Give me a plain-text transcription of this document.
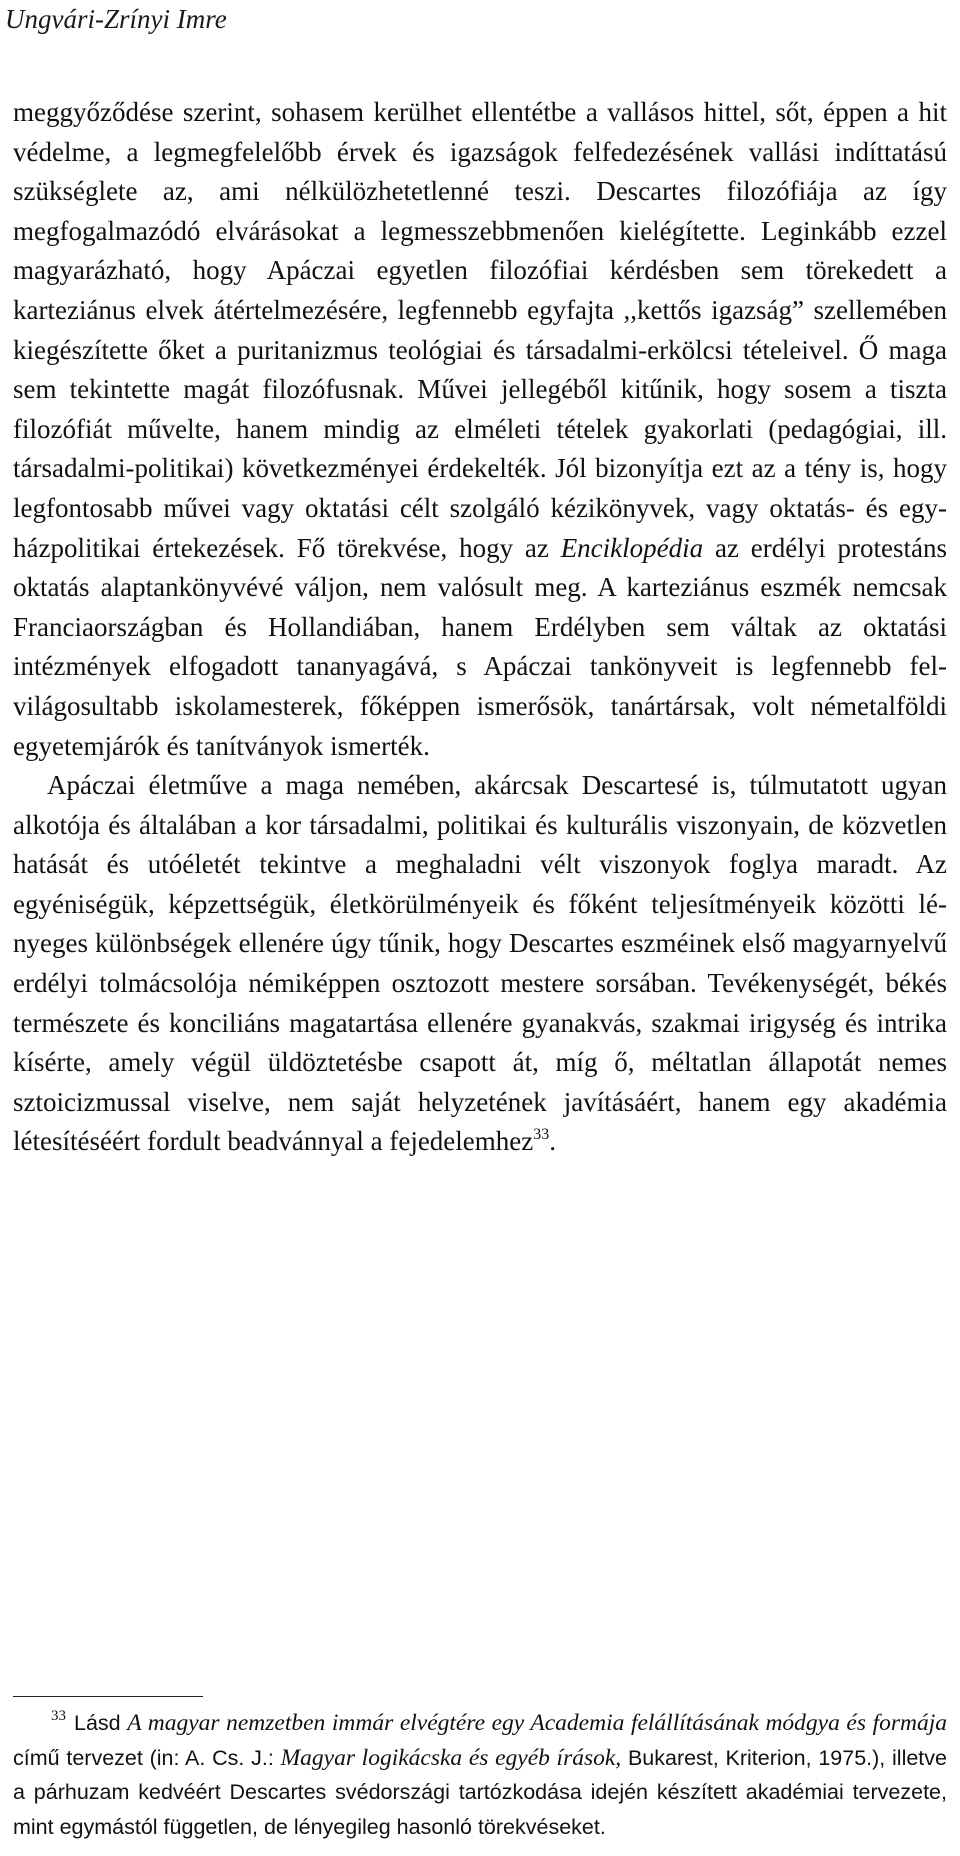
Ungvári-Zrínyi Imre

meggyőződése szerint, sohasem kerülhet ellentétbe a vallásos hittel, sőt, éppen a hit védelme, a legmegfelelőbb érvek és igazságok felfedezésének vallási indíttatású szükséglete az, ami nélkülözhetetlenné teszi. Descartes filozófiája az így megfogalmazódó elvárásokat a legmesszebbmenően kielégítette. Leginkább ezzel magyarázható, hogy Apáczai egyetlen filozófiai kérdésben sem törekedett a karteziánus elvek átértelmezésére, legfennebb egyfajta ,,kettős igazság” szellemében kiegészítette őket a puritanizmus teológiai és társadalmi-erkölcsi tételeivel. Ő maga sem tekintette magát filozófusnak. Művei jellegéből kitűnik, hogy sosem a tiszta filozófiát művelte, hanem mindig az elméleti tételek gyakorlati (pedagógiai, ill. társadalmi-politikai) következményei érdekelték. Jól bizonyítja ezt az a tény is, hogy legfontosabb művei vagy oktatási célt szolgáló kézikönyvek, vagy oktatás- és egyházpolitikai értekezések. Fő törekvése, hogy az Enciklopédia az erdélyi protestáns oktatás alaptankönyvévé váljon, nem valósult meg. A karteziánus eszmék nemcsak Franciaországban és Hollandiában, hanem Erdélyben sem váltak az oktatási intézmények elfogadott tananyagává, s Apáczai tankönyveit is legfennebb felvilágosultabb iskolamesterek, főképpen ismerősök, tanártársak, volt németalföldi egyetemjárók és tanítványok ismerték.

Apáczai életműve a maga nemében, akárcsak Descartesé is, túlmutatott ugyan alkotója és általában a kor társadalmi, politikai és kulturális viszonyain, de közvetlen hatását és utóéletét tekintve a meghaladni vélt viszonyok foglya maradt. Az egyéniségük, képzettségük, életkörülményeik és főként teljesítményeik közötti lényeges különbségek ellenére úgy tűnik, hogy Descartes eszméinek első magyarnyelvű erdélyi tolmácsolója némiképpen osztozott mestere sorsában. Tevékenységét, békés természete és konciliáns magatartása ellenére gyanakvás, szakmai irigység és intrika kísérte, amely végül üldöztetésbe csapott át, míg ő, méltatlan állapotát nemes sztoicizmussal viselve, nem saját helyzetének javításáért, hanem egy akadémia létesítéséért fordult beadvánnyal a fejedelemhez$^{33}$.

$^{33}$ Lásd A magyar nemzetben immár elvégtére egy Academia felállításának módgya és formája című tervezet (in: A. Cs. J.: Magyar logikácska és egyéb írások, Bukarest, Kriterion, 1975.), illetve a párhuzam kedvéért Descartes svédországi tartózkodása idején készített akadémiai tervezete, mint egymástól független, de lényegileg hasonló törekvéseket.
